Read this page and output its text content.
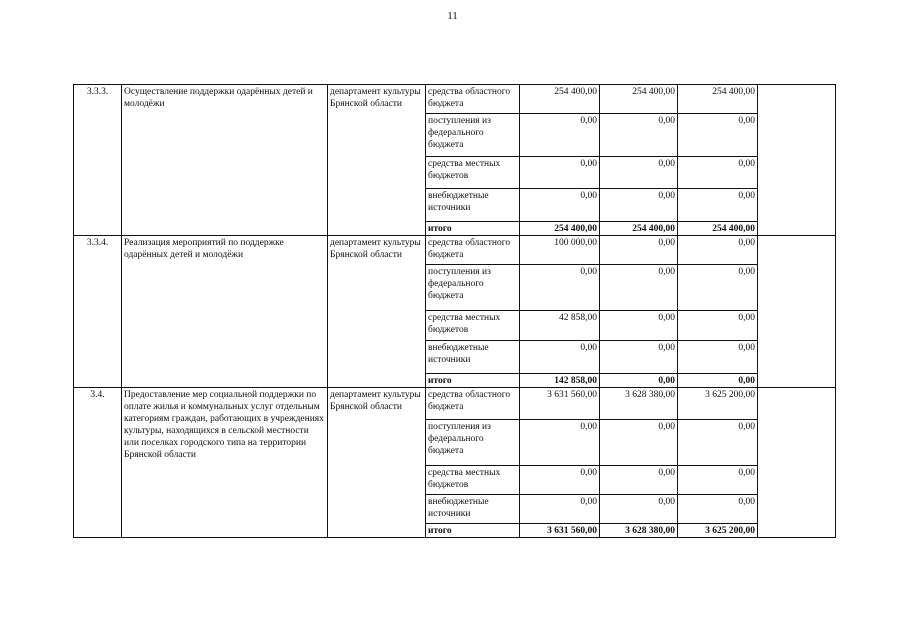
11
3.3.3.	Осуществление поддержки одарённых детей и молодёжи	департамент культуры Брянской области	средства областного бюджета	254 400,00	254 400,00	254 400,00	
			поступления из федерального бюджета	0,00	0,00	0,00	
			средства местных бюджетов	0,00	0,00	0,00	
			внебюджетные источники	0,00	0,00	0,00	
			итого	254 400,00	254 400,00	254 400,00	
3.3.4.	Реализация мероприятий по поддержке одарённых детей и молодёжи	департамент культуры Брянской области	средства областного бюджета	100 000,00	0,00	0,00	
			поступления из федерального бюджета	0,00	0,00	0,00	
			средства местных бюджетов	42 858,00	0,00	0,00	
			внебюджетные источники	0,00	0,00	0,00	
			итого	142 858,00	0,00	0,00	
3.4.	Предоставление мер социальной поддержки по оплате жилья и коммунальных услуг отдельным категориям граждан, работающих в учреждениях культуры, находящихся в сельской местности или поселках городского типа на территории Брянской области	департамент культуры Брянской области	средства областного бюджета	3 631 560,00	3 628 380,00	3 625 200,00	
			поступления из федерального бюджета	0,00	0,00	0,00	
			средства местных бюджетов	0,00	0,00	0,00	
			внебюджетные источники	0,00	0,00	0,00	
			итого	3 631 560,00	3 628 380,00	3 625 200,00	
